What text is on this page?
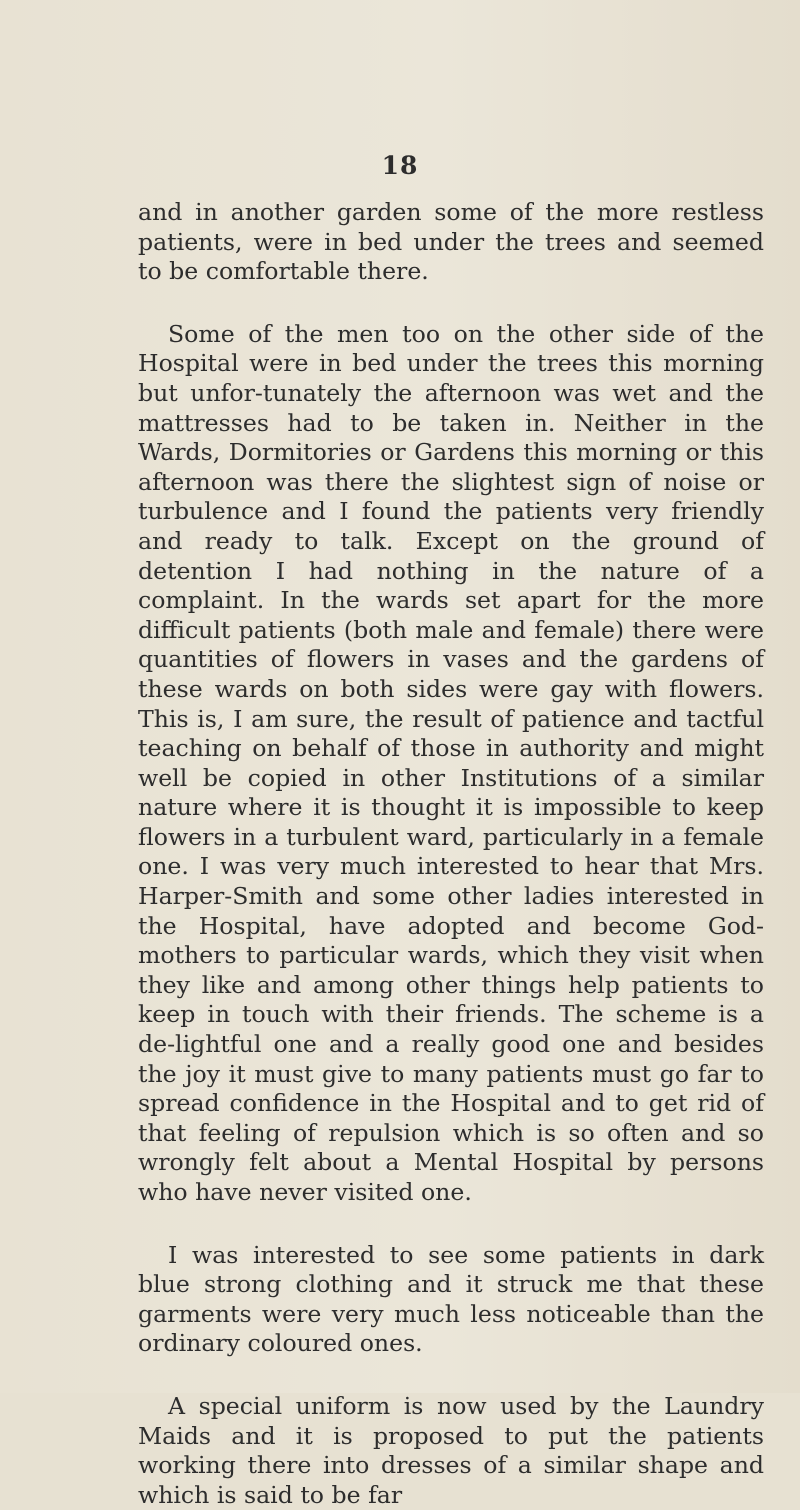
18

and in another garden some of the more restless patients, were in bed under the trees and seemed to be comfortable there.

Some of the men too on the other side of the Hospital were in bed under the trees this morning but unfor-tunately the afternoon was wet and the mattresses had to be taken in. Neither in the Wards, Dormitories or Gardens this morning or this afternoon was there the slightest sign of noise or turbulence and I found the patients very friendly and ready to talk. Except on the ground of detention I had nothing in the nature of a complaint. In the wards set apart for the more difficult patients (both male and female) there were quantities of flowers in vases and the gardens of these wards on both sides were gay with flowers. This is, I am sure, the result of patience and tactful teaching on behalf of those in authority and might well be copied in other Institutions of a similar nature where it is thought it is impossible to keep flowers in a turbulent ward, particularly in a female one. I was very much interested to hear that Mrs. Harper-Smith and some other ladies interested in the Hospital, have adopted and become God-mothers to particular wards, which they visit when they like and among other things help patients to keep in touch with their friends. The scheme is a de-lightful one and a really good one and besides the joy it must give to many patients must go far to spread confidence in the Hospital and to get rid of that feeling of repulsion which is so often and so wrongly felt about a Mental Hospital by persons who have never visited one.

I was interested to see some patients in dark blue strong clothing and it struck me that these garments were very much less noticeable than the ordinary coloured ones.

A special uniform is now used by the Laundry Maids and it is proposed to put the patients working there into dresses of a similar shape and which is said to be far
